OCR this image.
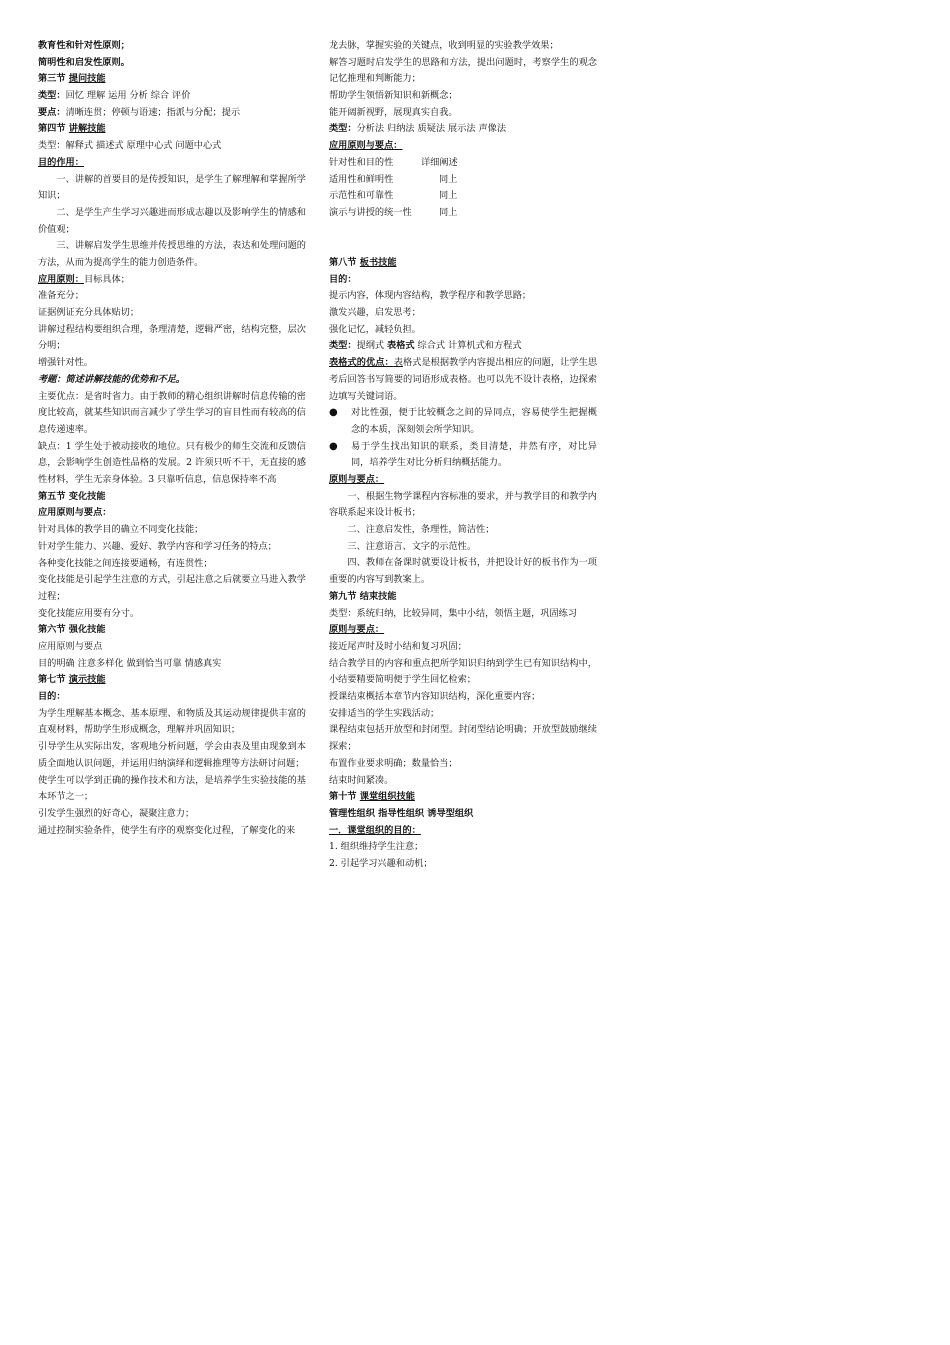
教育性和针对性原则；
简明性和启发性原则。
第三节 提问技能
类型：回忆 理解 运用 分析 综合 评价
要点：清晰连贯；停顿与语速；指派与分配；提示
第四节 讲解技能
类型：解释式 描述式 原理中心式 问题中心式
目的作用：
一、讲解的首要目的是传授知识，是学生了解理解和掌握所学知识；
二、是学生产生学习兴趣进而形成志趣以及影响学生的情感和价值观；
三、讲解启发学生思维并传授思维的方法，表达和处理问题的方法，从而为提高学生的能力创造条件。
应用原则：目标具体；
准备充分；
证据例证充分具体贴切；
讲解过程结构要组织合理，条理清楚，逻辑严密，结构完整，层次分明；
增强针对性。
考题：简述讲解技能的优势和不足。
主要优点：是省时省力。由于教师的精心组织讲解时信息传输的密度比较高，就某些知识而言减少了学生学习的盲目性而有较高的信息传递速率。
缺点：1 学生处于被动接收的地位。只有极少的师生交流和反馈信息，会影响学生创造性品格的发展。2 许须只听不干，无直接的感性材料，学生无亲身体验。3 只靠听信息，信息保持率不高
第五节 变化技能
应用原则与要点：
针对具体的教学目的确立不同变化技能；
针对学生能力、兴趣、爱好、教学内容和学习任务的特点；
各种变化技能之间连接要通畅，有连贯性；
变化技能是引起学生注意的方式，引起注意之后就要立马进入教学过程；
变化技能应用要有分寸。
第六节 强化技能
应用原则与要点
目的明确 注意多样化 做到恰当可靠 情感真实
第七节 演示技能
目的：
为学生理解基本概念、基本原理、和物质及其运动规律提供丰富的直观材料，帮助学生形成概念，理解并巩固知识；
引导学生从实际出发，客观地分析问题，学会由表及里由现象到本质全面地认识问题，并运用归纳演绎和逻辑推理等方法研讨问题；
使学生可以学到正确的操作技术和方法，是培养学生实验技能的基本环节之一；
引发学生强烈的好奇心，凝聚注意力；
通过控制实验条件，使学生有序的观察变化过程，了解变化的来
龙去脉，掌握实验的关键点，收到明显的实验教学效果；
解答习题时启发学生的思路和方法，提出问题时，考察学生的观念记忆推理和判断能力；
帮助学生领悟新知识和新概念；
能开阔新视野，展现真实自我。
类型：分析法 归纳法 质疑法 展示法 声像法
应用原则与要点：
针对性和目的性	详细阐述
适用性和鲜明性	同上
示范性和可靠性	同上
演示与讲授的统一性	同上
第八节 板书技能
目的：
提示内容，体现内容结构，教学程序和教学思路；
激发兴趣，启发思考；
强化记忆，减轻负担。
类型：提纲式 表格式 综合式 计算机式和方程式
表格式的优点：表格式是根据教学内容提出相应的问题，让学生思考后回答书写简要的词语形成表格。也可以先不设计表格，边探索边填写关键词语。
● 对比性强，便于比较概念之间的异同点，容易使学生把握概念的本质，深刻领会所学知识。
● 易于学生找出知识的联系，类目清楚，井然有序，对比异同，培养学生对比分析归纳概括能力。
原则与要点：
一、根据生物学课程内容标准的要求，并与教学目的和教学内容联系起来设计板书；
二、注意启发性，条理性，简洁性；
三、注意语言、文字的示范性。
四、教师在备课时就要设计板书，并把设计好的板书作为一项重要的内容写到教案上。
第九节 结束技能
类型：系统归纳，比较异同，集中小结，领悟主题，巩固练习
原则与要点：
接近尾声时及时小结和复习巩固；
结合教学目的内容和重点把所学知识归纳到学生已有知识结构中，小结要精要简明便于学生回忆检索；
授课结束概括本章节内容知识结构，深化重要内容；
安排适当的学生实践活动；
课程结束包括开放型和封闭型。封闭型结论明确；开放型鼓励继续探索；
布置作业要求明确；数量恰当；
结束时间紧凑。
第十节 课堂组织技能
管理性组织 指导性组织 诱导型组织
一．课堂组织的目的：
1. 组织维持学生注意；
2. 引起学习兴趣和动机；
